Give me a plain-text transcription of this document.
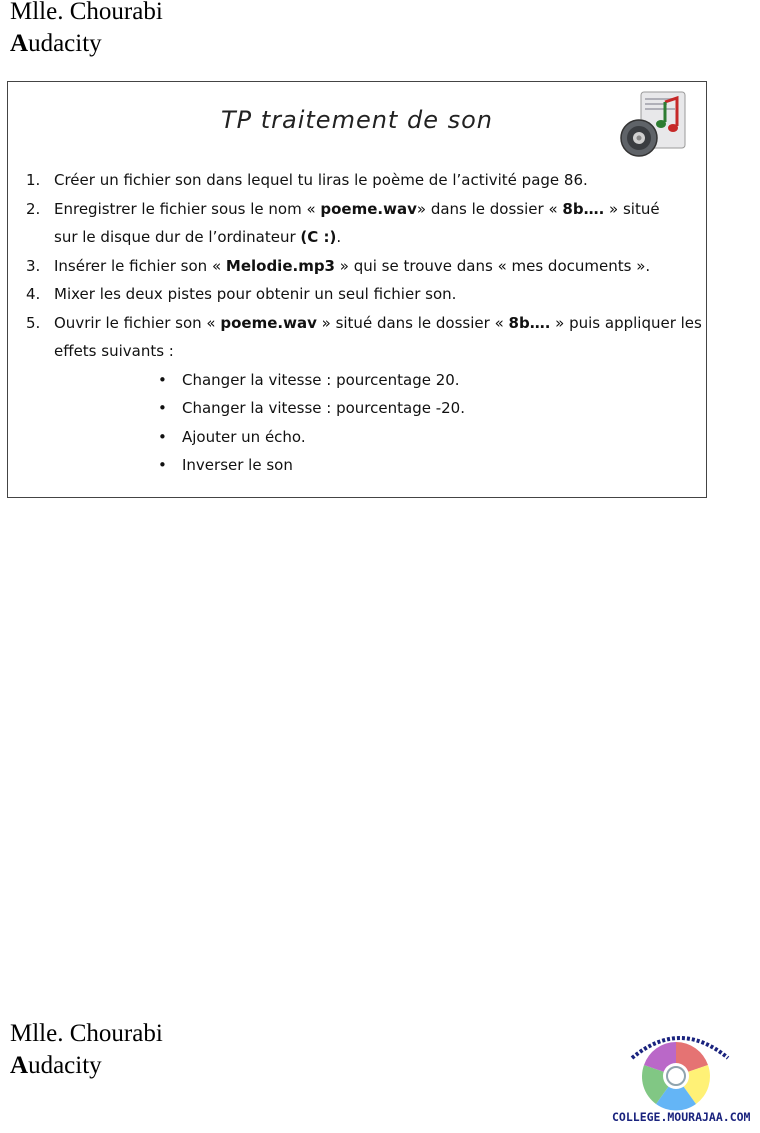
Mlle. Chourabi
Audacity
TP traitement de son
1. Créer un fichier son dans lequel tu liras le poème de l’activité page 86.
2. Enregistrer le fichier sous le nom « poeme.wav» dans le dossier « 8b…. » situé
sur le disque dur de l’ordinateur (C :).
3. Insérer le fichier son « Melodie.mp3 » qui se trouve dans « mes documents ».
4. Mixer les deux pistes pour obtenir un seul fichier son.
5. Ouvrir le fichier son « poeme.wav » situé dans le dossier « 8b…. » puis appliquer les
effets suivants :
• Changer la vitesse : pourcentage 20.
• Changer la vitesse : pourcentage -20.
• Ajouter un écho.
• Inverser le son
Mlle. Chourabi
Audacity
COLLEGE.MOURAJAA.COM
